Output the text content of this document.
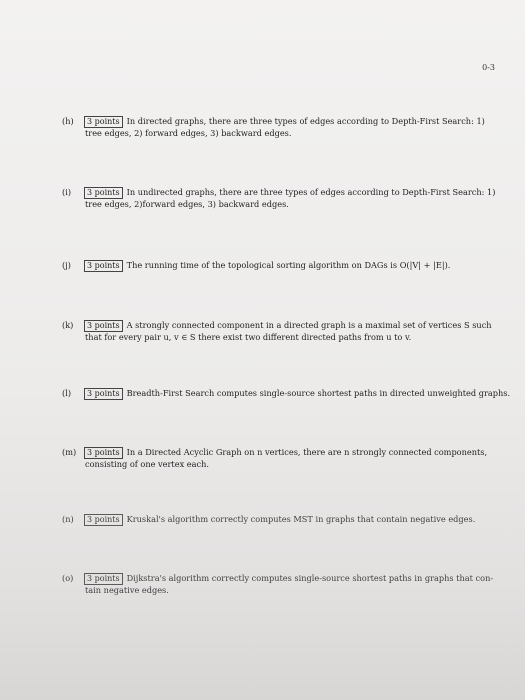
0-3
(h) 3 points In directed graphs, there are three types of edges according to Depth-First Search: 1)
tree edges, 2) forward edges, 3) backward edges.
(i) 3 points In undirected graphs, there are three types of edges according to Depth-First Search: 1)
tree edges, 2)forward edges, 3) backward edges.
(j) 3 points The running time of the topological sorting algorithm on DAGs is O(|V| + |E|).
(k) 3 points A strongly connected component in a directed graph is a maximal set of vertices S such
that for every pair u, v ∈ S there exist two different directed paths from u to v.
(l) 3 points Breadth-First Search computes single-source shortest paths in directed unweighted graphs.
(m) 3 points In a Directed Acyclic Graph on n vertices, there are n strongly connected components,
consisting of one vertex each.
(n) 3 points Kruskal's algorithm correctly computes MST in graphs that contain negative edges.
(o) 3 points Dijkstra's algorithm correctly computes single-source shortest paths in graphs that con-
tain negative edges.
